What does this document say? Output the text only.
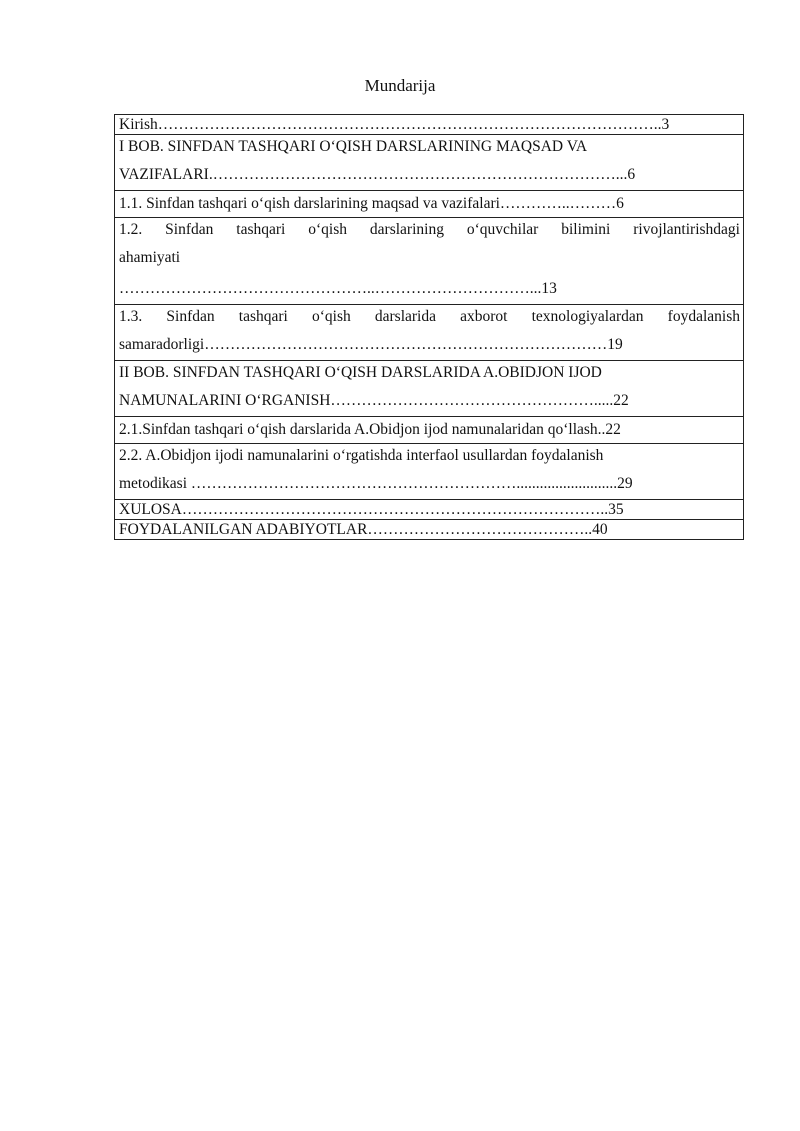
Mundarija
Kirish……………………………………………………………………………………..3
I BOB. SINFDAN TASHQARI O‘QISH DARSLARINING MAQSAD VA
VAZIFALARI.……………………………………………………………………...6
1.1. Sinfdan tashqari o‘qish darslarining maqsad va vazifalari…………..………6
1.2. Sinfdan tashqari o‘qish darslarining o‘quvchilar bilimini rivojlantirishdagi
ahamiyati
…………………………………………..…………………………...13
1.3. Sinfdan tashqari o‘qish darslarida axborot texnologiyalardan foydalanish
samaradorligi……………………………………………………………………19
II BOB. SINFDAN TASHQARI O‘QISH DARSLARIDA A.OBIDJON IJOD
NAMUNALARINI O‘RGANISH…………………………………………….....22
2.1.Sinfdan tashqari o‘qish darslarida A.Obidjon ijod namunalaridan qo‘llash..22
2.2. A.Obidjon ijodi namunalarini o‘rgatishda interfaol usullardan foydalanish
metodikasi ………………………………………………………..........................29
XULOSA………………………………………………………………………..35
FOYDALANILGAN ADABIYOTLAR……………………………………..40
